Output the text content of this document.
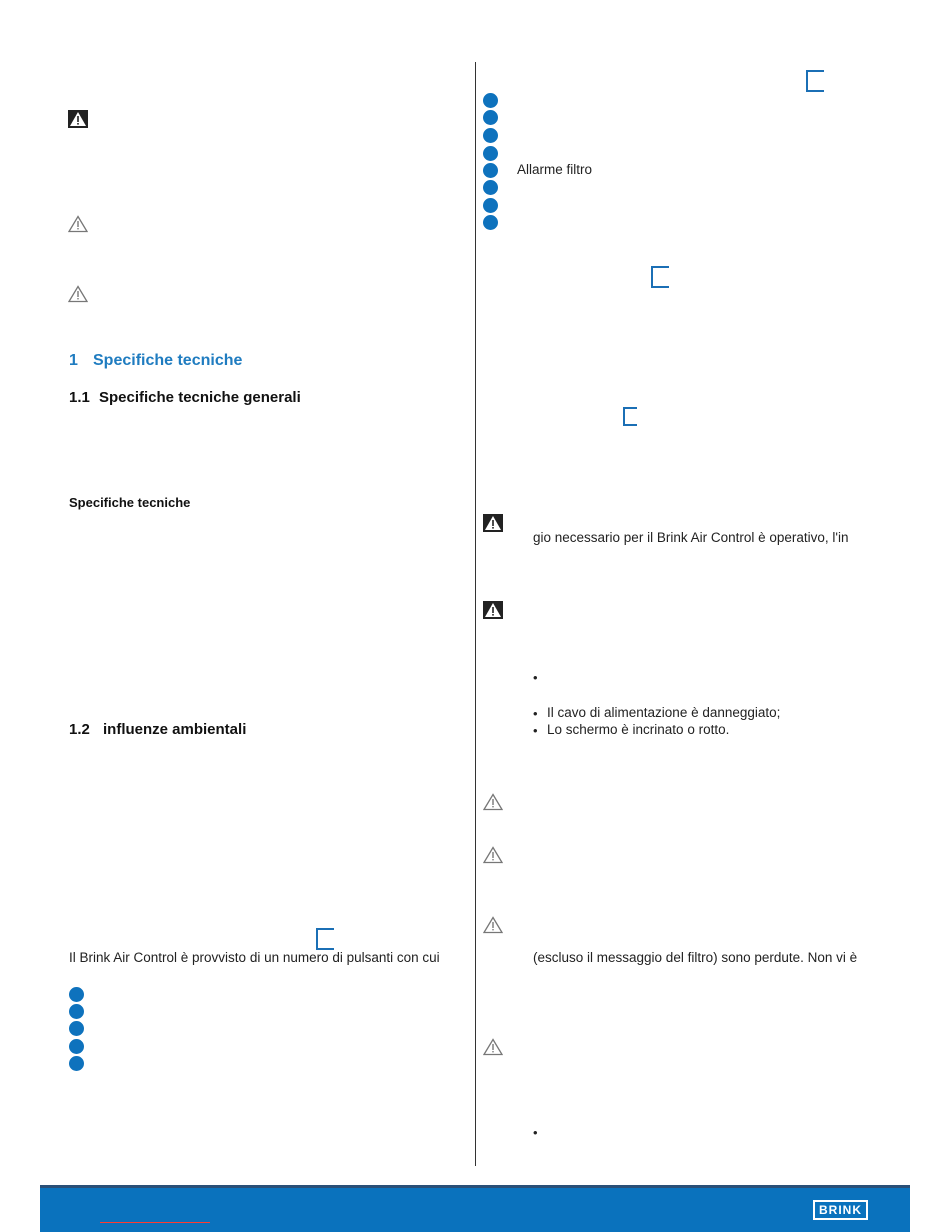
1 Specifiche tecniche
1.1 Specifiche tecniche generali
Specifiche tecniche
1.2 influenze ambientali
Il Brink Air Control è provvisto di un numero di pulsanti con cui
Allarme filtro
gio necessario per il Brink Air Control è operativo, l'in
•
• Il cavo di alimentazione è danneggiato;
• Lo schermo è incrinato o rotto.
(escluso il messaggio del filtro) sono perdute. Non vi è
•
BRINK
